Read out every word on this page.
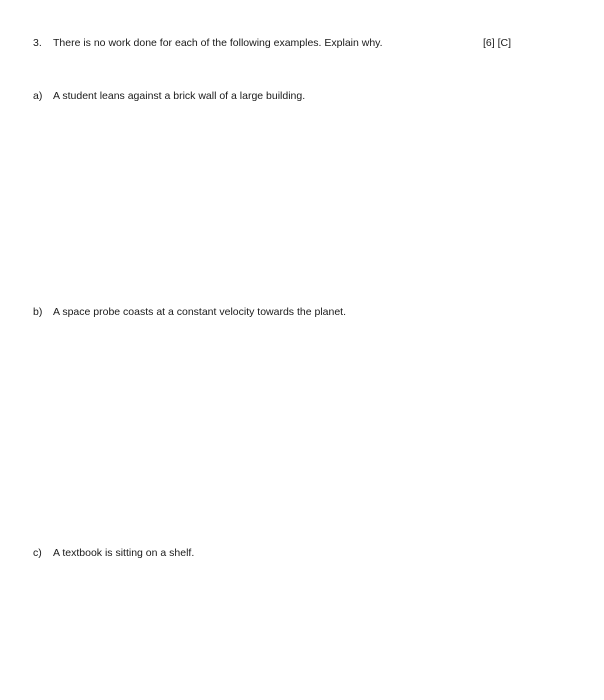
3. There is no work done for each of the following examples. Explain why.	[6] [C]
a) A student leans against a brick wall of a large building.
b) A space probe coasts at a constant velocity towards the planet.
c) A textbook is sitting on a shelf.
